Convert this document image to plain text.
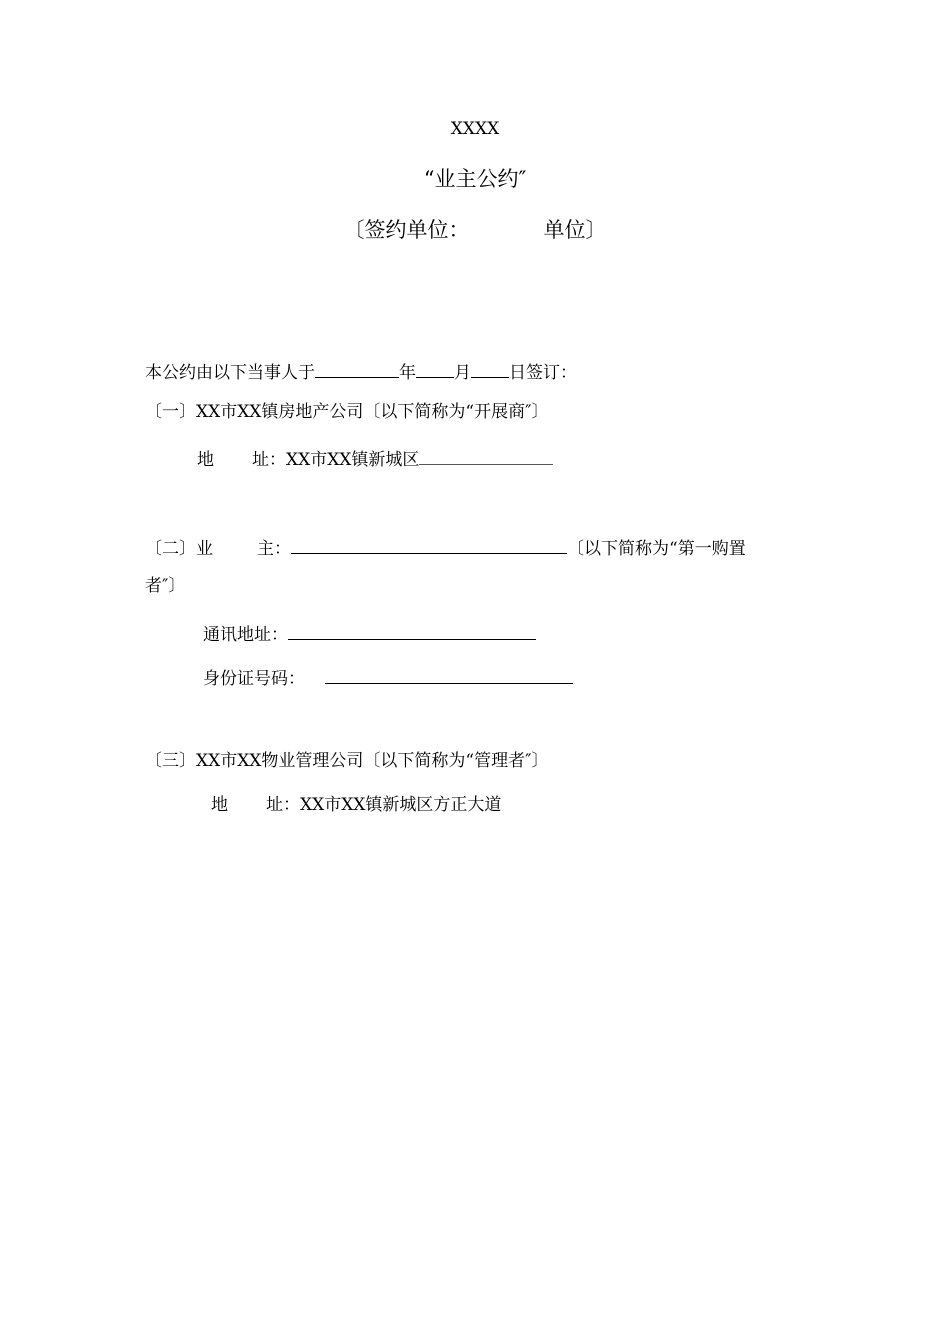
XXXX
“业主公约″
〔签约单位：	单位〕
本公约由以下当事人于	年 月 日签订：
〔一〕XX市XX镇房地产公司〔以下简称为“开展商″〕
地 址：XX市XX镇新城区
〔二〕业	主：	〔以下简称为“第一购置
者″〕
通讯地址：
身份证号码：
〔三〕XX市XX物业管理公司〔以下简称为“管理者″〕
地 址：XX市XX镇新城区方正大道
